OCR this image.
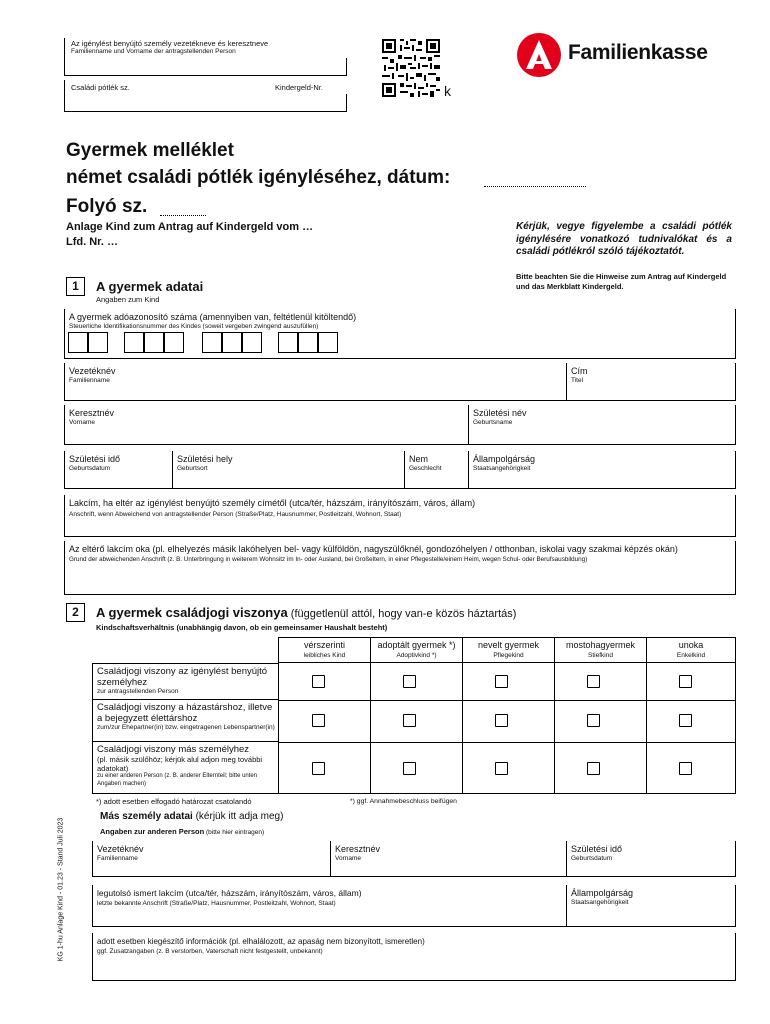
Az igénylést benyújtó személy vezetékneve és keresztneve
Familienname und Vorname der antragstellenden Person
Családi pótlék sz.	Kindergeld-Nr.	k
Familienkasse
Gyermek melléklet
német családi pótlék igényléséhez, dátum:
Folyó sz.
Anlage Kind zum Antrag auf Kindergeld vom …
Lfd. Nr. …
Kérjük, vegye figyelembe a családi pótlék igénylésére vonatkozó tudnivalókat és a családi pótlékról szóló tájékoztatót.
Bitte beachten Sie die Hinweise zum Antrag auf Kindergeld und das Merkblatt Kindergeld.
1	A gyermek adatai
Angaben zum Kind
A gyermek adóazonosító száma (amennyiben van, feltétlenül kitöltendő)
Steuerliche Identifikationsnummer des Kindes (soweit vergeben zwingend auszufüllen)
Vezetéknév
Familienname
Cím
Titel
Keresztnév
Vorname
Születési név
Geburtsname
Születési idő
Geburtsdatum
Születési hely
Geburtsort
Nem
Geschlecht
Állampolgárság
Staatsangehörigkeit
Lakcím, ha eltér az igénylést benyújtó személy címétől (utca/tér, házszám, irányítószám, város, állam)
Anschrift, wenn Abweichend von antragstellender Person (Straße/Platz, Hausnummer, Postleitzahl, Wohnort, Staat)
Az eltérő lakcím oka (pl. elhelyezés másik lakóhelyen bel- vagy külföldön, nagyszülőknél, gondozóhelyen / otthonban, iskolai vagy szakmai képzés okán)
Grund der abweichenden Anschrift (z. B. Unterbringung in weiterem Wohnsitz im In- oder Ausland, bei Großeltern, in einer Pflegestelle/einem Heim, wegen Schul- oder Berufsausbildung)
2	A gyermek családjogi viszonya (függetlenül attól, hogy van-e közös háztartás)
Kindschaftsverhältnis (unabhängig davon, ob ein gemeinsamer Haushalt besteht)
vérszerinti
leibliches Kind
adoptált gyermek *)
Adoptivkind *)
nevelt gyermek
Pflegekind
mostohagyermek
Stiefkind
unoka
Enkelkind
Családjogi viszony az igénylést benyújtó személyhez
zur antragstellenden Person
Családjogi viszony a házastárshoz, illetve a bejegyzett élettárshoz
zum/zur Ehepartner(in) bzw. eingetragenen Lebenspartner(in)
Családjogi viszony más személyhez
(pl. másik szülőhöz; kérjük alul adjon meg további adatokat)
zu einer anderen Person (z. B. anderer Elternteil; bitte unten Angaben machen)
*) adott esetben elfogadó határozat csatolandó	*) ggf. Annahmebeschluss beifügen
Más személy adatai (kérjük itt adja meg)
Angaben zur anderen Person (bitte hier eintragen)
Vezetéknév
Familienname
Keresztnév
Vorname
Születési idő
Geburtsdatum
legutolsó ismert lakcím (utca/tér, házszám, irányítószám, város, állam)
letzte bekannte Anschrift (Straße/Platz, Hausnummer, Postleitzahl, Wohnort, Staat)
Állampolgárság
Staatsangehörigkeit
adott esetben kiegészítő információk (pl. elhalálozott, az apaság nem bizonyított, ismeretlen)
ggf. Zusatzangaben (z. B verstorben, Vaterschaft nicht festgestellt, unbekannt)
KG 1-hu Anlage Kind - 01.23 - Stand Juli 2023
